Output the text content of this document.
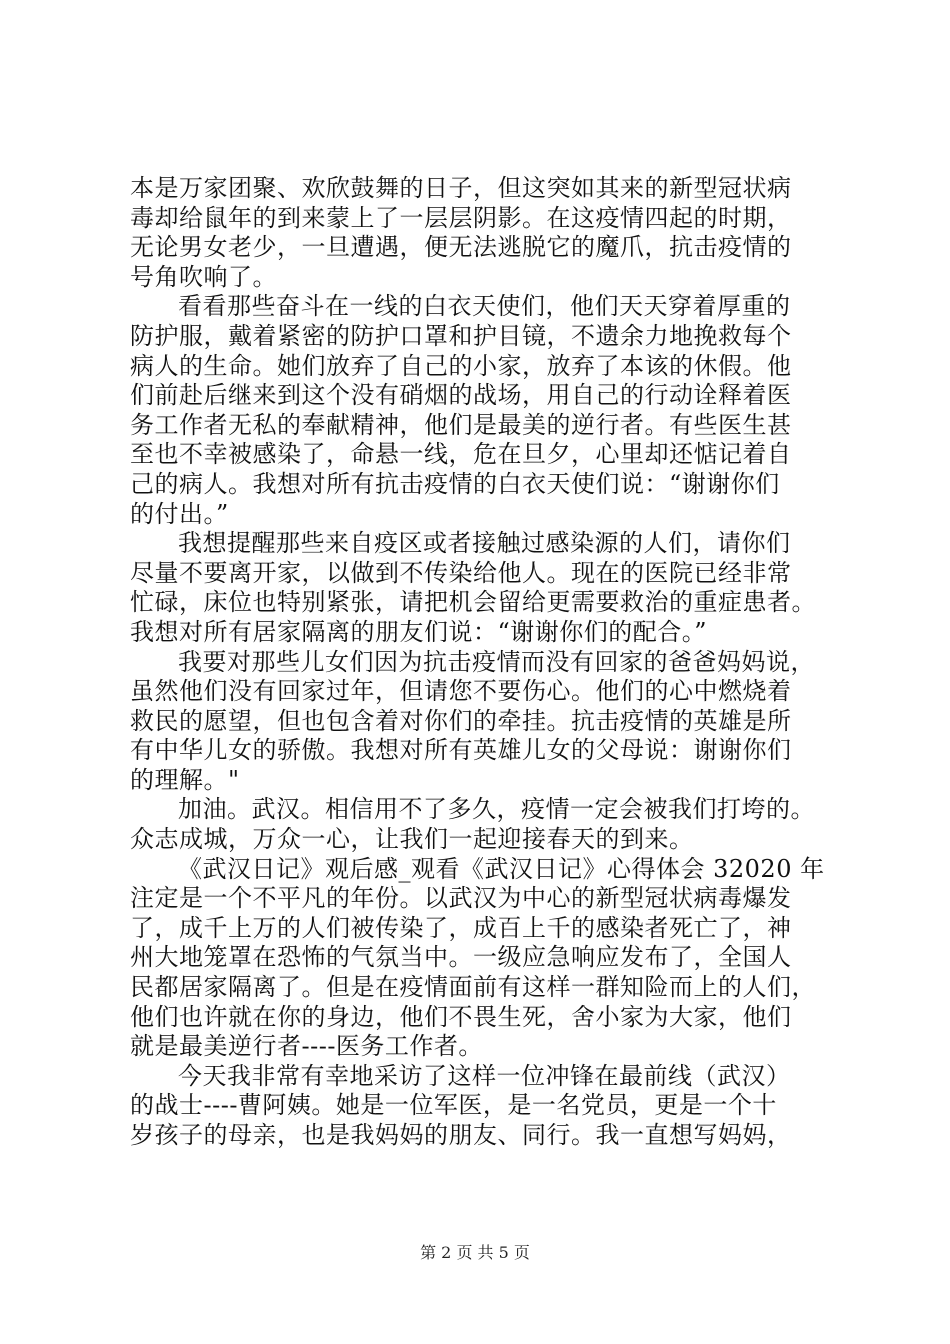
本是万家团聚、欢欣鼓舞的日子，但这突如其来的新型冠状病
毒却给鼠年的到来蒙上了一层层阴影。在这疫情四起的时期，
无论男女老少，一旦遭遇，便无法逃脱它的魔爪，抗击疫情的
号角吹响了。
看看那些奋斗在一线的白衣天使们，他们天天穿着厚重的
防护服，戴着紧密的防护口罩和护目镜，不遗余力地挽救每个
病人的生命。她们放弃了自己的小家，放弃了本该的休假。他
们前赴后继来到这个没有硝烟的战场，用自己的行动诠释着医
务工作者无私的奉献精神，他们是最美的逆行者。有些医生甚
至也不幸被感染了，命悬一线，危在旦夕，心里却还惦记着自
己的病人。我想对所有抗击疫情的白衣天使们说：“谢谢你们
的付出。”
我想提醒那些来自疫区或者接触过感染源的人们，请你们
尽量不要离开家，以做到不传染给他人。现在的医院已经非常
忙碌，床位也特别紧张，请把机会留给更需要救治的重症患者。
我想对所有居家隔离的朋友们说：“谢谢你们的配合。”
我要对那些儿女们因为抗击疫情而没有回家的爸爸妈妈说，
虽然他们没有回家过年，但请您不要伤心。他们的心中燃烧着
救民的愿望，但也包含着对你们的牵挂。抗击疫情的英雄是所
有中华儿女的骄傲。我想对所有英雄儿女的父母说：谢谢你们
的理解。"
加油。武汉。相信用不了多久，疫情一定会被我们打垮的。
众志成城，万众一心，让我们一起迎接春天的到来。
《武汉日记》观后感_观看《武汉日记》心得体会 32020 年
注定是一个不平凡的年份。以武汉为中心的新型冠状病毒爆发
了，成千上万的人们被传染了，成百上千的感染者死亡了，神
州大地笼罩在恐怖的气氛当中。一级应急响应发布了，全国人
民都居家隔离了。但是在疫情面前有这样一群知险而上的人们，
他们也许就在你的身边，他们不畏生死，舍小家为大家，他们
就是最美逆行者----医务工作者。
今天我非常有幸地采访了这样一位冲锋在最前线（武汉）
的战士----曹阿姨。她是一位军医，是一名党员，更是一个十
岁孩子的母亲，也是我妈妈的朋友、同行。我一直想写妈妈，
第 2 页 共 5 页
